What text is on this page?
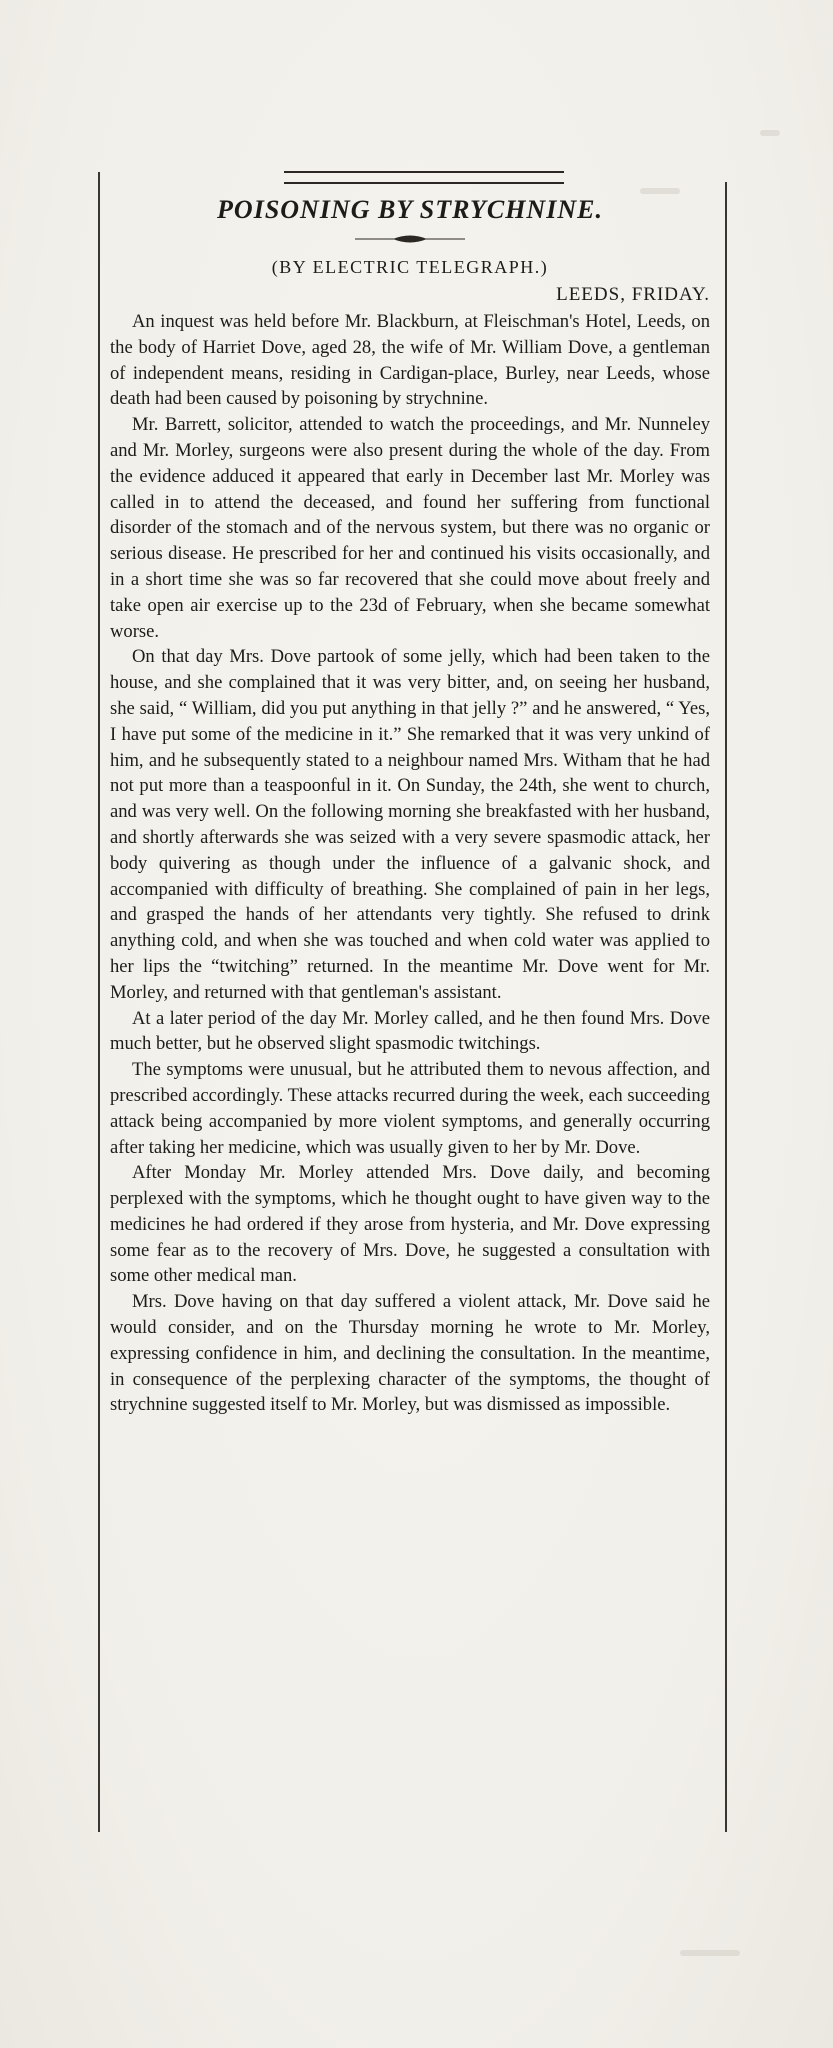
POISONING BY STRYCHNINE.
(BY ELECTRIC TELEGRAPH.)
LEEDS, FRIDAY.

An inquest was held before Mr. Blackburn, at Fleischman's Hotel, Leeds, on the body of Harriet Dove, aged 28, the wife of Mr. William Dove, a gentleman of independent means, residing in Cardigan-place, Burley, near Leeds, whose death had been caused by poisoning by strychnine.

Mr. Barrett, solicitor, attended to watch the proceedings, and Mr. Nunneley and Mr. Morley, surgeons were also present during the whole of the day. From the evidence adduced it appeared that early in December last Mr. Morley was called in to attend the deceased, and found her suffering from functional disorder of the stomach and of the nervous system, but there was no organic or serious disease. He prescribed for her and continued his visits occasionally, and in a short time she was so far recovered that she could move about freely and take open air exercise up to the 23d of February, when she became somewhat worse.

On that day Mrs. Dove partook of some jelly, which had been taken to the house, and she complained that it was very bitter, and, on seeing her husband, she said, “ William, did you put anything in that jelly ?” and he answered, “ Yes, I have put some of the medicine in it.” She remarked that it was very unkind of him, and he subsequently stated to a neighbour named Mrs. Witham that he had not put more than a teaspoonful in it. On Sunday, the 24th, she went to church, and was very well. On the following morning she breakfasted with her husband, and shortly afterwards she was seized with a very severe spasmodic attack, her body quivering as though under the influence of a galvanic shock, and accompanied with difficulty of breathing. She complained of pain in her legs, and grasped the hands of her attendants very tightly. She refused to drink anything cold, and when she was touched and when cold water was applied to her lips the “twitching” returned. In the meantime Mr. Dove went for Mr. Morley, and returned with that gentleman's assistant.

At a later period of the day Mr. Morley called, and he then found Mrs. Dove much better, but he observed slight spasmodic twitchings.

The symptoms were unusual, but he attributed them to nevous affection, and prescribed accordingly. These attacks recurred during the week, each succeeding attack being accompanied by more violent symptoms, and generally occurring after taking her medicine, which was usually given to her by Mr. Dove.

After Monday Mr. Morley attended Mrs. Dove daily, and becoming perplexed with the symptoms, which he thought ought to have given way to the medicines he had ordered if they arose from hysteria, and Mr. Dove expressing some fear as to the recovery of Mrs. Dove, he suggested a consultation with some other medical man.

Mrs. Dove having on that day suffered a violent attack, Mr. Dove said he would consider, and on the Thursday morning he wrote to Mr. Morley, expressing confidence in him, and declining the consultation. In the meantime, in consequence of the perplexing character of the symptoms, the thought of strychnine suggested itself to Mr. Morley, but was dismissed as impossible.
